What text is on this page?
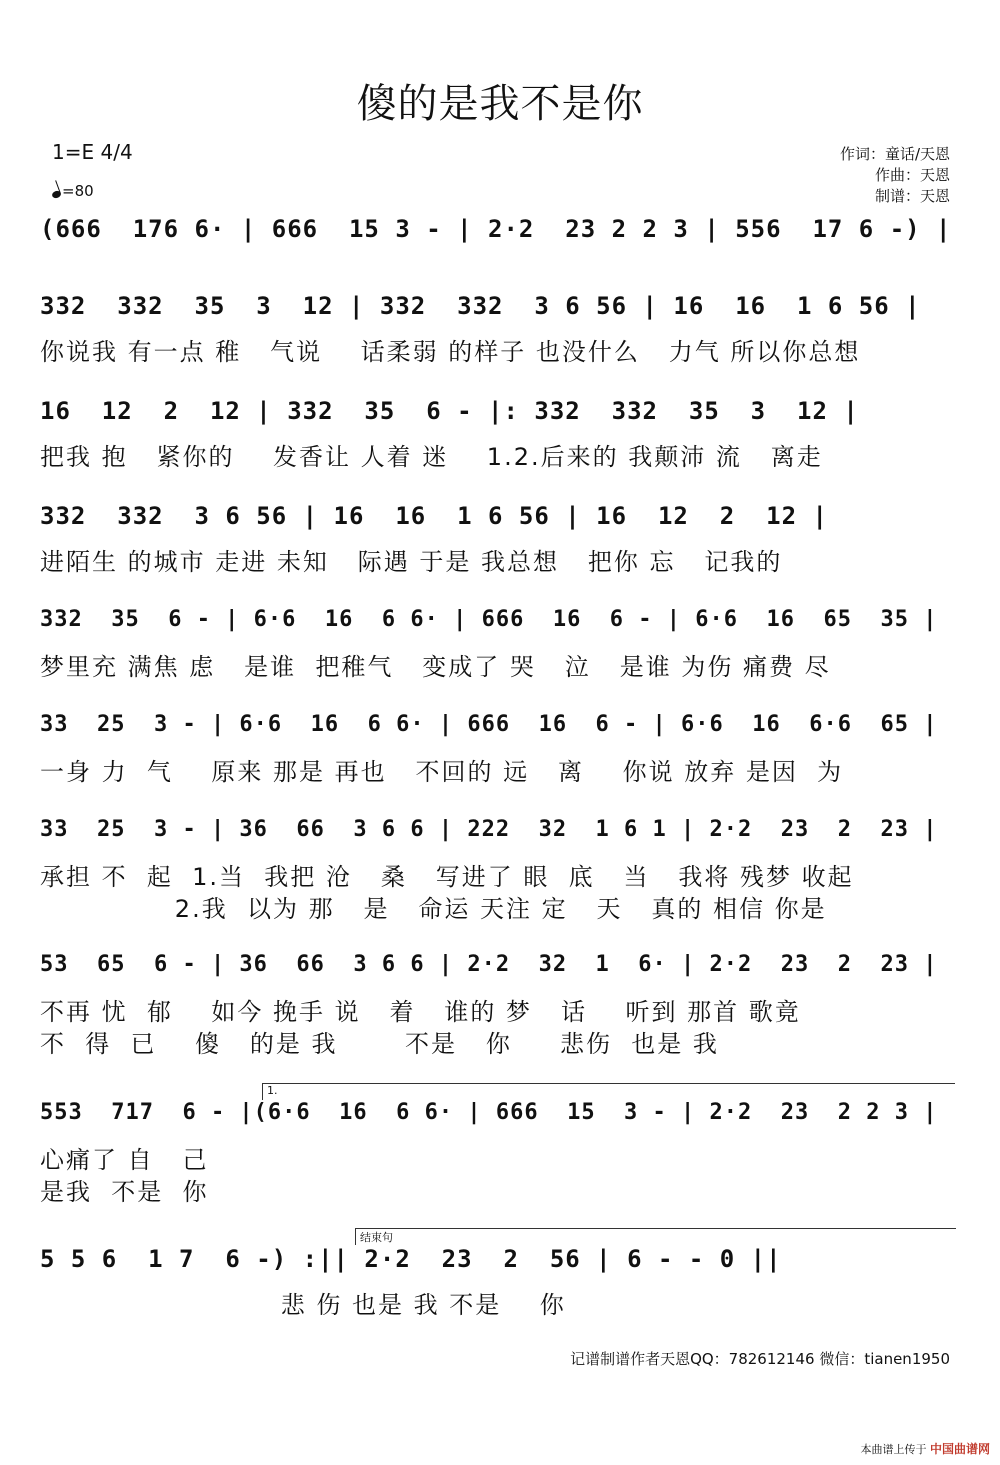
傻的是我不是你
1=E 4/4
=80
作词：童话/天恩
作曲：天恩
制谱：天恩
(666  176 6· | 666  15 3 - | 2·2  23 2 2 3 | 556  17 6 -) |
332  332  35  3  12 | 332  332  3 6 56 | 16  16  1 6 56 |
你说我 有一点 稚   气说    话柔弱 的样子 也没什么   力气 所以你总想
16  12  2  12 | 332  35  6 - |: 332  332  35  3  12 |
把我 抱   紧你的    发香让 人着 迷    1.2.后来的 我颠沛 流   离走
332  332  3 6 56 | 16  16  1 6 56 | 16  12  2  12 |
进陌生 的城市 走进 未知   际遇 于是 我总想   把你 忘   记我的
332  35  6 - | 6·6  16  6 6· | 666  16  6 - | 6·6  16  65  35 |
梦里充 满焦 虑   是谁  把稚气   变成了 哭   泣   是谁 为伤 痛费 尽
33  25  3 - | 6·6  16  6 6· | 666  16  6 - | 6·6  16  6·6  65 |
一身 力  气    原来 那是 再也   不回的 远   离    你说 放弃 是因  为
33  25  3 - | 36  66  3 6 6 | 222  32  1 6 1 | 2·2  23  2  23 |
承担 不  起  1.当  我把 沧   桑   写进了 眼  底   当   我将 残梦 收起
2.我  以为 那   是   命运 天注 定   天   真的 相信 你是
53  65  6 - | 36  66  3 6 6 | 2·2  32  1  6· | 2·2  23  2  23 |
不再 忧  郁    如今 挽手 说   着   谁的 梦   话    听到 那首 歌竟
不  得  已    傻   的是 我       不是   你     悲伤  也是 我
553  717  6 - |(6·6  16  6 6· | 666  15  3 - | 2·2  23  2 2 3 |
心痛了 自   己
是我  不是  你
5 5 6  1 7  6 -) :|| 2·2  23  2  56 | 6 - - 0 ||
悲 伤 也是 我 不是    你
1.
结束句
记谱制谱作者天恩QQ：782612146 微信：tianen1950
本曲谱上传于 中国曲谱网
